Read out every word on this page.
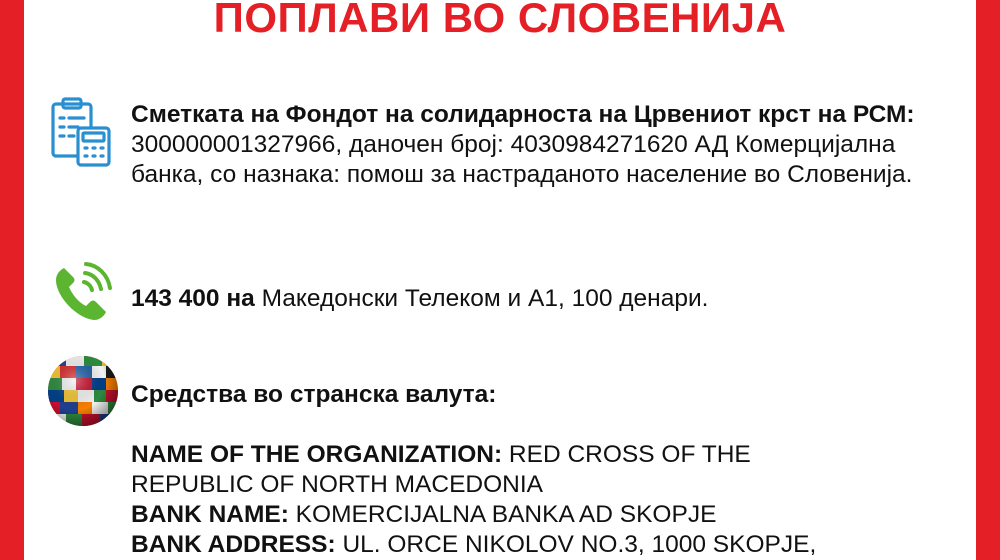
ПОПЛАВИ ВО СЛОВЕНИЈА

Сметката на Фондот на солидарноста на Црвениот крст на РСМ: 300000001327966, даночен број: 4030984271620 АД Комерцијална банка, со назнака: помош за настраданото население во Словенија.

143 400 на Македонски Телеком и А1, 100 денари.

Средства во странска валута:
NAME OF THE ORGANIZATION: RED CROSS OF THE
REPUBLIC OF NORTH MACEDONIA
BANK NAME: KOMERCIJALNA BANKA AD SKOPJE
BANK ADDRESS: UL. ORCE NIKOLOV NO.3, 1000 SKOPJE,
